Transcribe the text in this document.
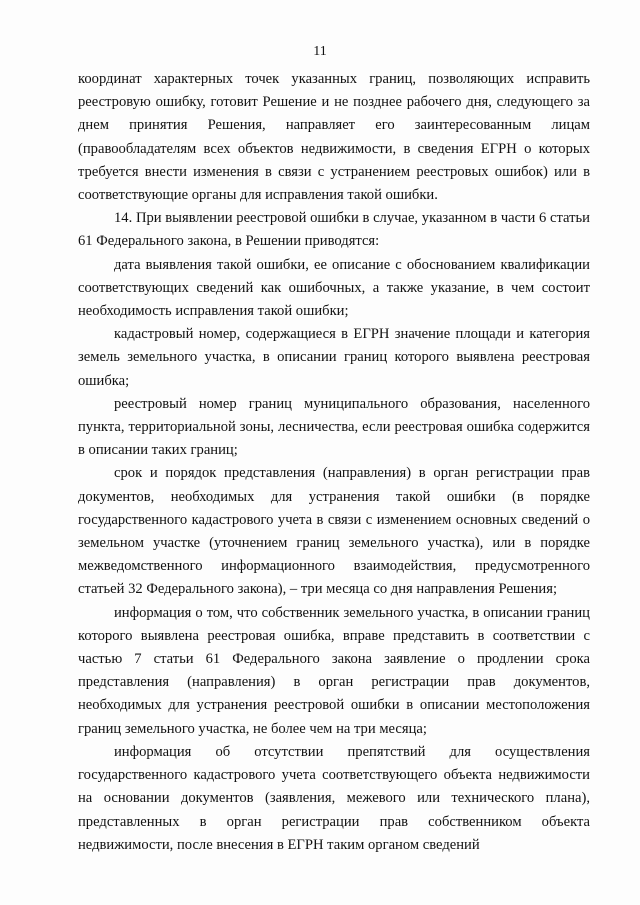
11

координат характерных точек указанных границ, позволяющих исправить реестровую ошибку, готовит Решение и не позднее рабочего дня, следующего за днем принятия Решения, направляет его заинтересованным лицам (правообладателям всех объектов недвижимости, в сведения ЕГРН о которых требуется внести изменения в связи с устранением реестровых ошибок) или в соответствующие органы для исправления такой ошибки.

14. При выявлении реестровой ошибки в случае, указанном в части 6 статьи 61 Федерального закона, в Решении приводятся:

дата выявления такой ошибки, ее описание с обоснованием квалификации соответствующих сведений как ошибочных, а также указание, в чем состоит необходимость исправления такой ошибки;

кадастровый номер, содержащиеся в ЕГРН значение площади и категория земель земельного участка, в описании границ которого выявлена реестровая ошибка;

реестровый номер границ муниципального образования, населенного пункта, территориальной зоны, лесничества, если реестровая ошибка содержится в описании таких границ;

срок и порядок представления (направления) в орган регистрации прав документов, необходимых для устранения такой ошибки (в порядке государственного кадастрового учета в связи с изменением основных сведений о земельном участке (уточнением границ земельного участка), или в порядке межведомственного информационного взаимодействия, предусмотренного статьей 32 Федерального закона), – три месяца со дня направления Решения;

информация о том, что собственник земельного участка, в описании границ которого выявлена реестровая ошибка, вправе представить в соответствии с частью 7 статьи 61 Федерального закона заявление о продлении срока представления (направления) в орган регистрации прав документов, необходимых для устранения реестровой ошибки в описании местоположения границ земельного участка, не более чем на три месяца;

информация об отсутствии препятствий для осуществления государственного кадастрового учета соответствующего объекта недвижимости на основании документов (заявления, межевого или технического плана), представленных в орган регистрации прав собственником объекта недвижимости, после внесения в ЕГРН таким органом сведений
